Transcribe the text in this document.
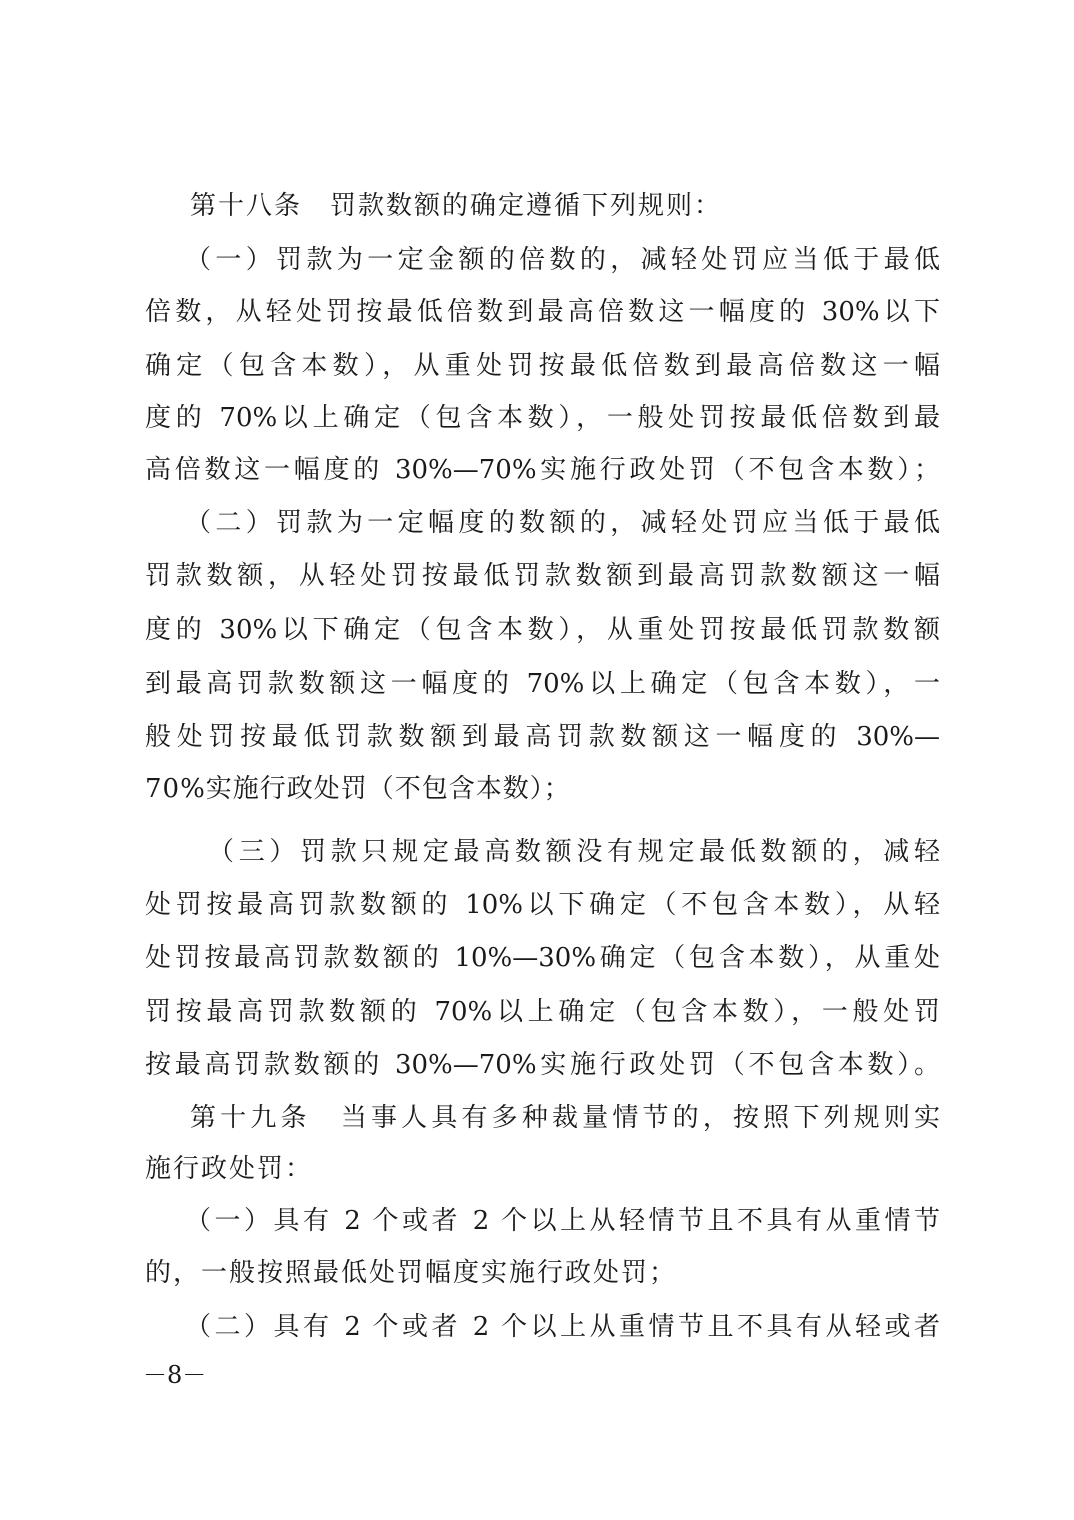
第十八条　罚款数额的确定遵循下列规则：
（一）罚款为一定金额的倍数的，减轻处罚应当低于最低
倍数，从轻处罚按最低倍数到最高倍数这一幅度的 30%以下
确定（包含本数），从重处罚按最低倍数到最高倍数这一幅
度的 70%以上确定（包含本数），一般处罚按最低倍数到最
高倍数这一幅度的 30%—70%实施行政处罚（不包含本数）；
（二）罚款为一定幅度的数额的，减轻处罚应当低于最低
罚款数额，从轻处罚按最低罚款数额到最高罚款数额这一幅
度的 30%以下确定（包含本数），从重处罚按最低罚款数额
到最高罚款数额这一幅度的 70%以上确定（包含本数），一
般处罚按最低罚款数额到最高罚款数额这一幅度的 30%—
70%实施行政处罚（不包含本数）；
（三）罚款只规定最高数额没有规定最低数额的，减轻
处罚按最高罚款数额的 10%以下确定（不包含本数），从轻
处罚按最高罚款数额的 10%—30%确定（包含本数），从重处
罚按最高罚款数额的 70%以上确定（包含本数），一般处罚
按最高罚款数额的 30%—70%实施行政处罚（不包含本数）。
第十九条　当事人具有多种裁量情节的，按照下列规则实
施行政处罚：
（一）具有 2 个或者 2 个以上从轻情节且不具有从重情节
的，一般按照最低处罚幅度实施行政处罚；
（二）具有 2 个或者 2 个以上从重情节且不具有从轻或者
－8－
